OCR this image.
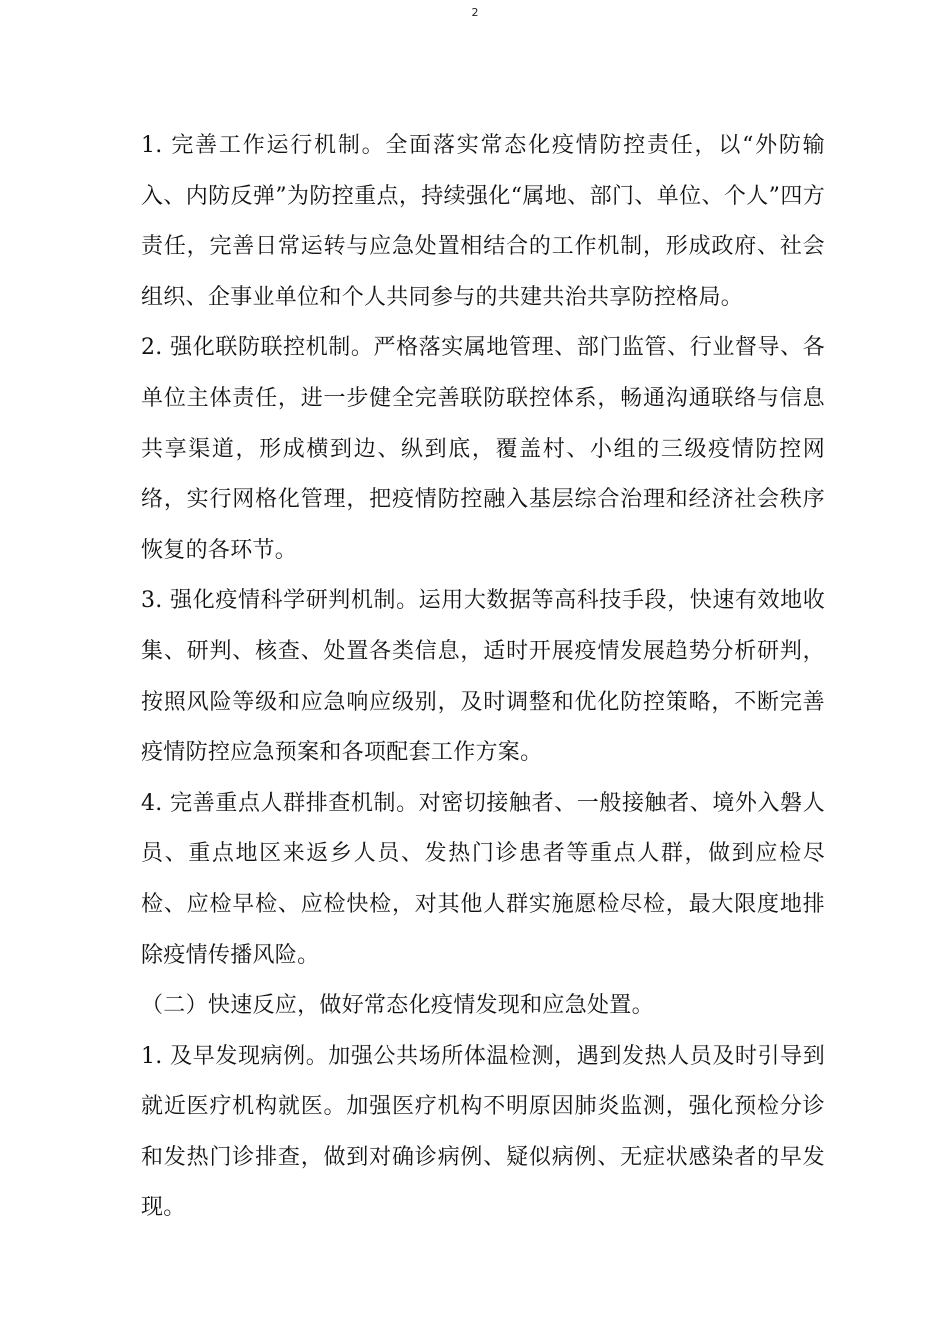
2

1. 完善工作运行机制。全面落实常态化疫情防控责任，以“外防输入、内防反弹”为防控重点，持续强化“属地、部门、单位、个人”四方责任，完善日常运转与应急处置相结合的工作机制，形成政府、社会组织、企事业单位和个人共同参与的共建共治共享防控格局。

2. 强化联防联控机制。严格落实属地管理、部门监管、行业督导、各单位主体责任，进一步健全完善联防联控体系，畅通沟通联络与信息共享渠道，形成横到边、纵到底，覆盖村、小组的三级疫情防控网络，实行网格化管理，把疫情防控融入基层综合治理和经济社会秩序恢复的各环节。

3. 强化疫情科学研判机制。运用大数据等高科技手段，快速有效地收集、研判、核查、处置各类信息，适时开展疫情发展趋势分析研判，按照风险等级和应急响应级别，及时调整和优化防控策略，不断完善疫情防控应急预案和各项配套工作方案。

4. 完善重点人群排查机制。对密切接触者、一般接触者、境外入磐人员、重点地区来返乡人员、发热门诊患者等重点人群，做到应检尽检、应检早检、应检快检，对其他人群实施愿检尽检，最大限度地排除疫情传播风险。

（二）快速反应，做好常态化疫情发现和应急处置。

1. 及早发现病例。加强公共场所体温检测，遇到发热人员及时引导到就近医疗机构就医。加强医疗机构不明原因肺炎监测，强化预检分诊和发热门诊排查，做到对确诊病例、疑似病例、无症状感染者的早发现。
